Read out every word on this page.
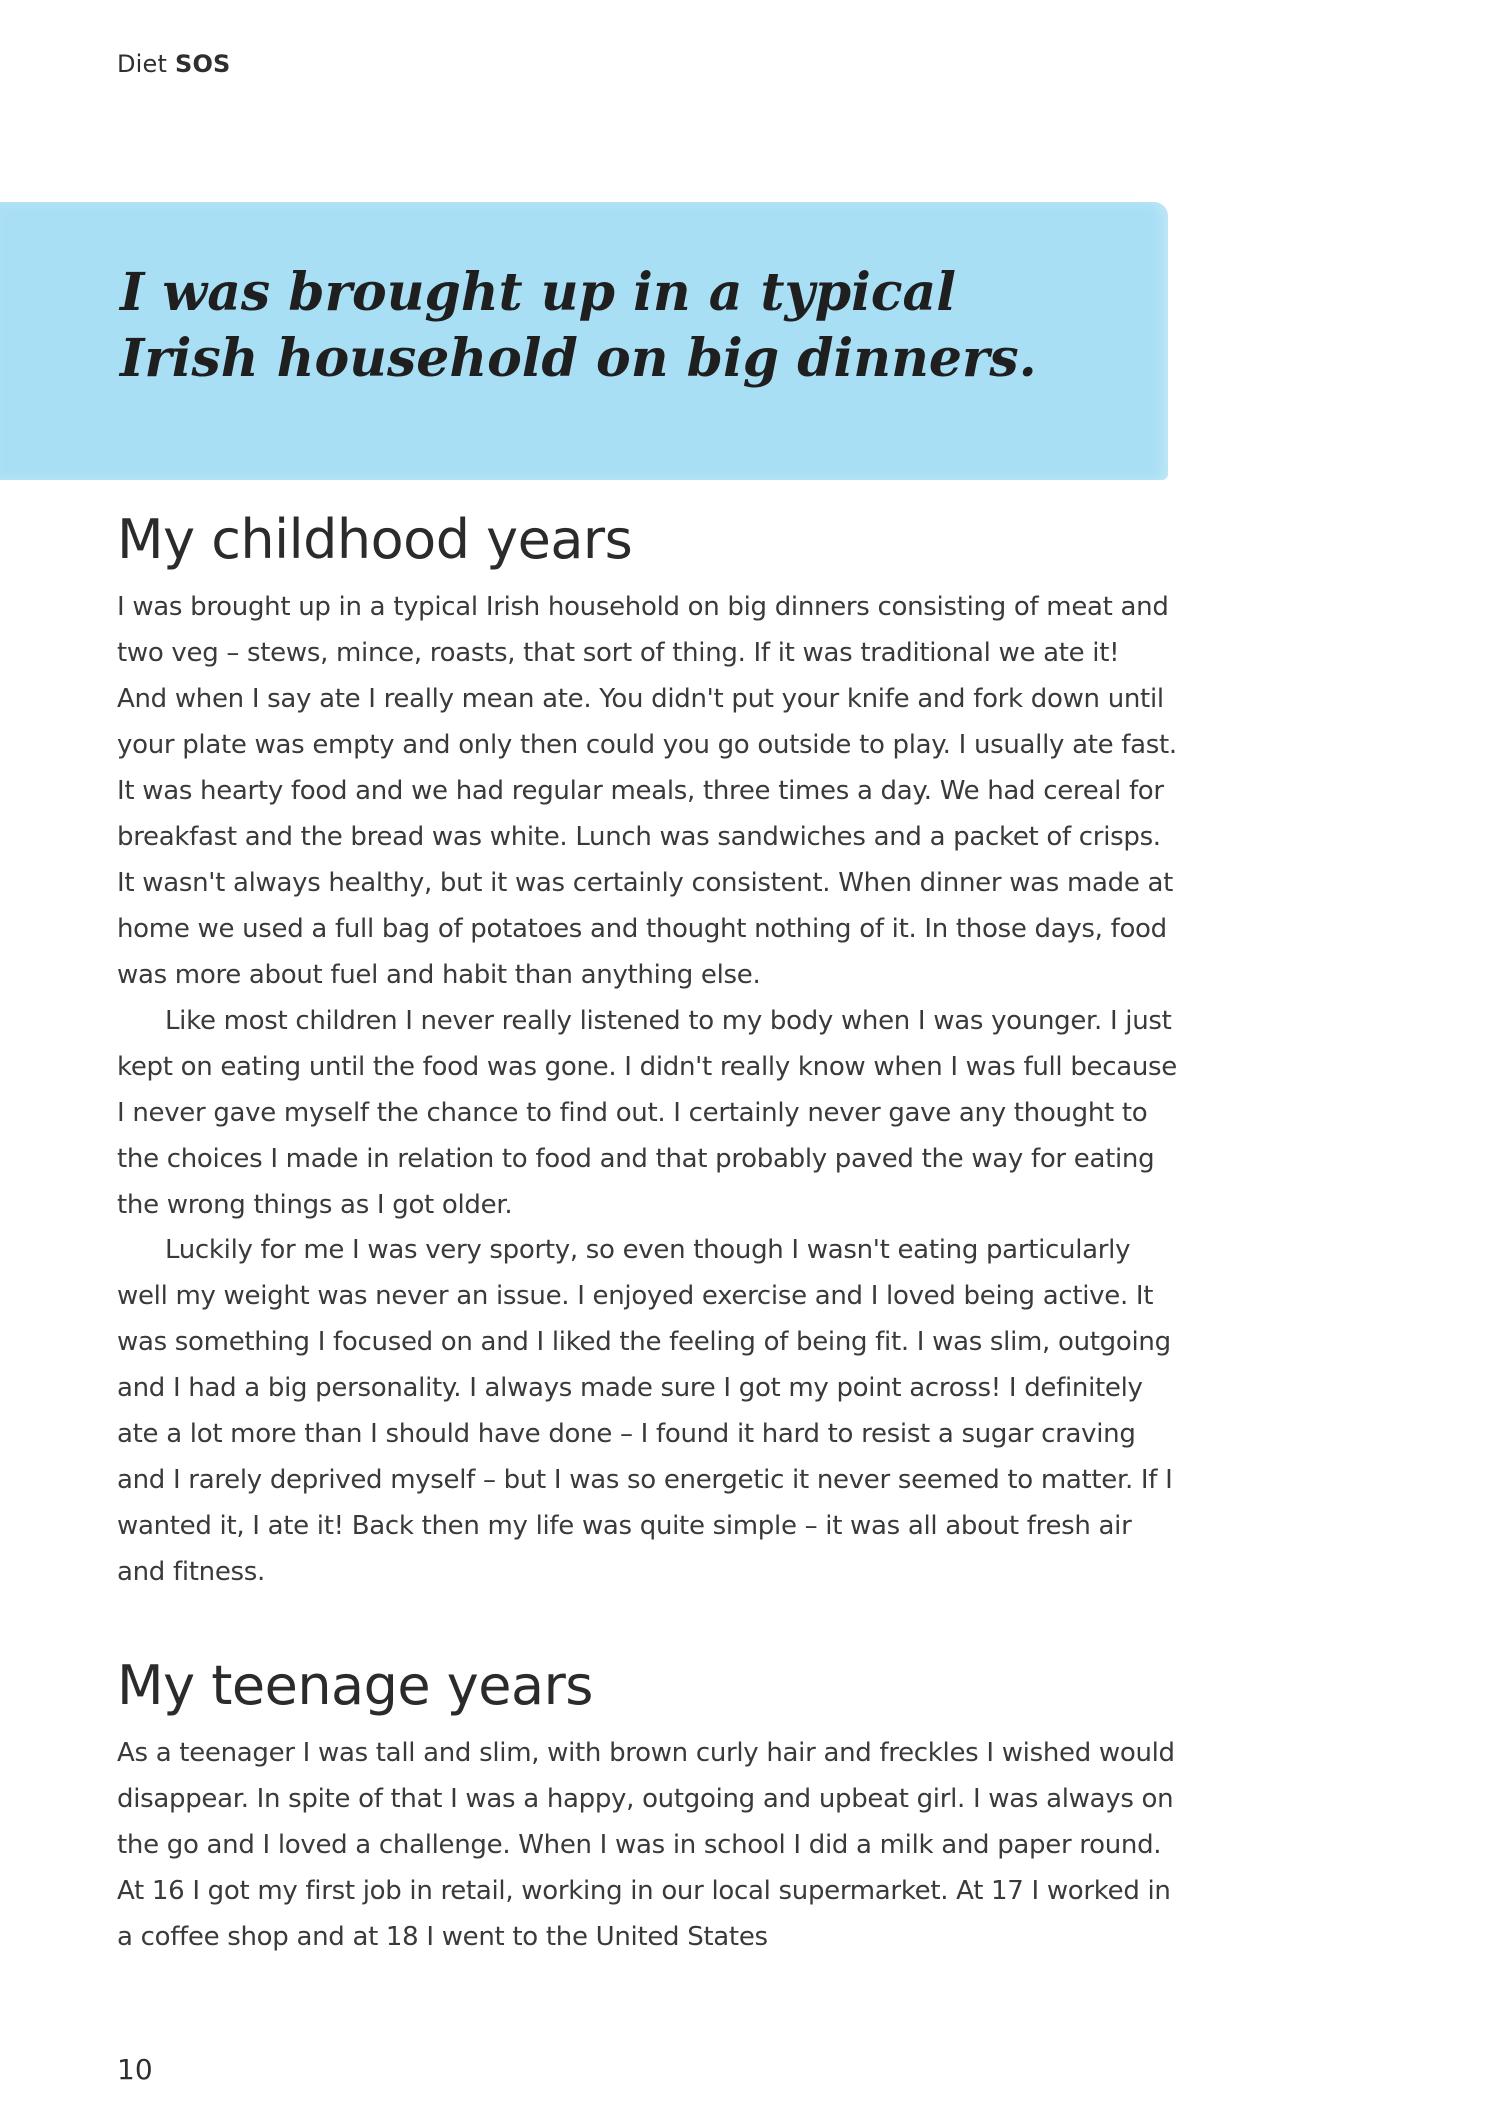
Diet SOS

I was brought up in a typical Irish household on big dinners.

My childhood years

I was brought up in a typical Irish household on big dinners consisting of meat and two veg – stews, mince, roasts, that sort of thing. If it was traditional we ate it! And when I say ate I really mean ate. You didn't put your knife and fork down until your plate was empty and only then could you go outside to play. I usually ate fast. It was hearty food and we had regular meals, three times a day. We had cereal for breakfast and the bread was white. Lunch was sandwiches and a packet of crisps. It wasn't always healthy, but it was certainly consistent. When dinner was made at home we used a full bag of potatoes and thought nothing of it. In those days, food was more about fuel and habit than anything else.

Like most children I never really listened to my body when I was younger. I just kept on eating until the food was gone. I didn't really know when I was full because I never gave myself the chance to find out. I certainly never gave any thought to the choices I made in relation to food and that probably paved the way for eating the wrong things as I got older.

Luckily for me I was very sporty, so even though I wasn't eating particularly well my weight was never an issue. I enjoyed exercise and I loved being active. It was something I focused on and I liked the feeling of being fit. I was slim, outgoing and I had a big personality. I always made sure I got my point across! I definitely ate a lot more than I should have done – I found it hard to resist a sugar craving and I rarely deprived myself – but I was so energetic it never seemed to matter. If I wanted it, I ate it! Back then my life was quite simple – it was all about fresh air and fitness.

My teenage years

As a teenager I was tall and slim, with brown curly hair and freckles I wished would disappear. In spite of that I was a happy, outgoing and upbeat girl. I was always on the go and I loved a challenge. When I was in school I did a milk and paper round. At 16 I got my first job in retail, working in our local supermarket. At 17 I worked in a coffee shop and at 18 I went to the United States

10
